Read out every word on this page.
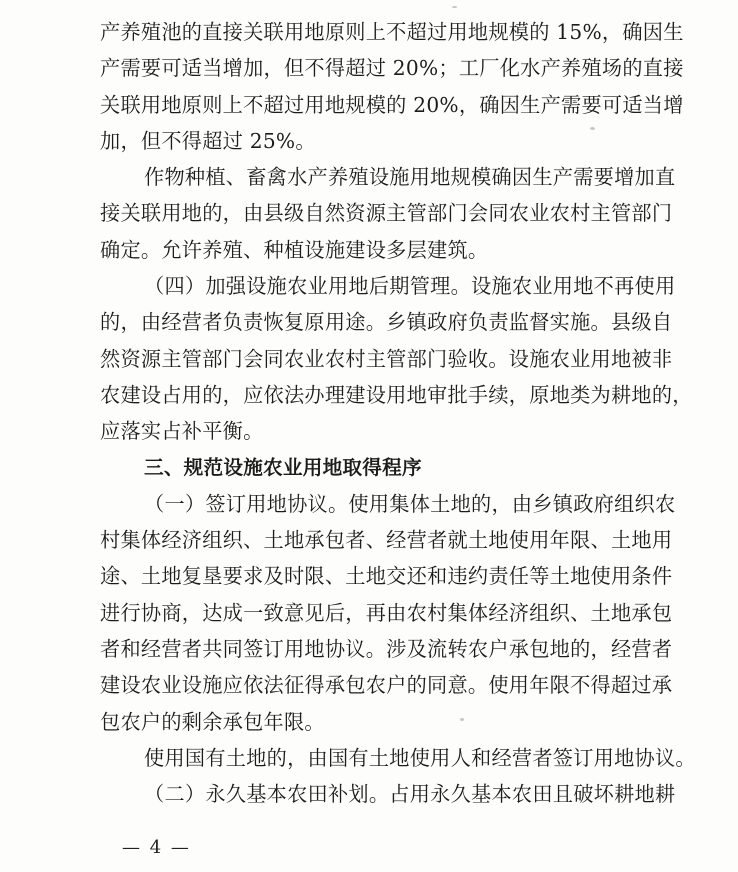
产养殖池的直接关联用地原则上不超过用地规模的 15%，确因生
产需要可适当增加，但不得超过 20%；工厂化水产养殖场的直接
关联用地原则上不超过用地规模的 20%，确因生产需要可适当增
加，但不得超过 25%。
作物种植、畜禽水产养殖设施用地规模确因生产需要增加直
接关联用地的，由县级自然资源主管部门会同农业农村主管部门
确定。允许养殖、种植设施建设多层建筑。
（四）加强设施农业用地后期管理。设施农业用地不再使用
的，由经营者负责恢复原用途。乡镇政府负责监督实施。县级自
然资源主管部门会同农业农村主管部门验收。设施农业用地被非
农建设占用的，应依法办理建设用地审批手续，原地类为耕地的，
应落实占补平衡。
三、规范设施农业用地取得程序
（一）签订用地协议。使用集体土地的，由乡镇政府组织农
村集体经济组织、土地承包者、经营者就土地使用年限、土地用
途、土地复垦要求及时限、土地交还和违约责任等土地使用条件
进行协商，达成一致意见后，再由农村集体经济组织、土地承包
者和经营者共同签订用地协议。涉及流转农户承包地的，经营者
建设农业设施应依法征得承包农户的同意。使用年限不得超过承
包农户的剩余承包年限。
使用国有土地的，由国有土地使用人和经营者签订用地协议。
（二）永久基本农田补划。占用永久基本农田且破坏耕地耕
— 4 —
